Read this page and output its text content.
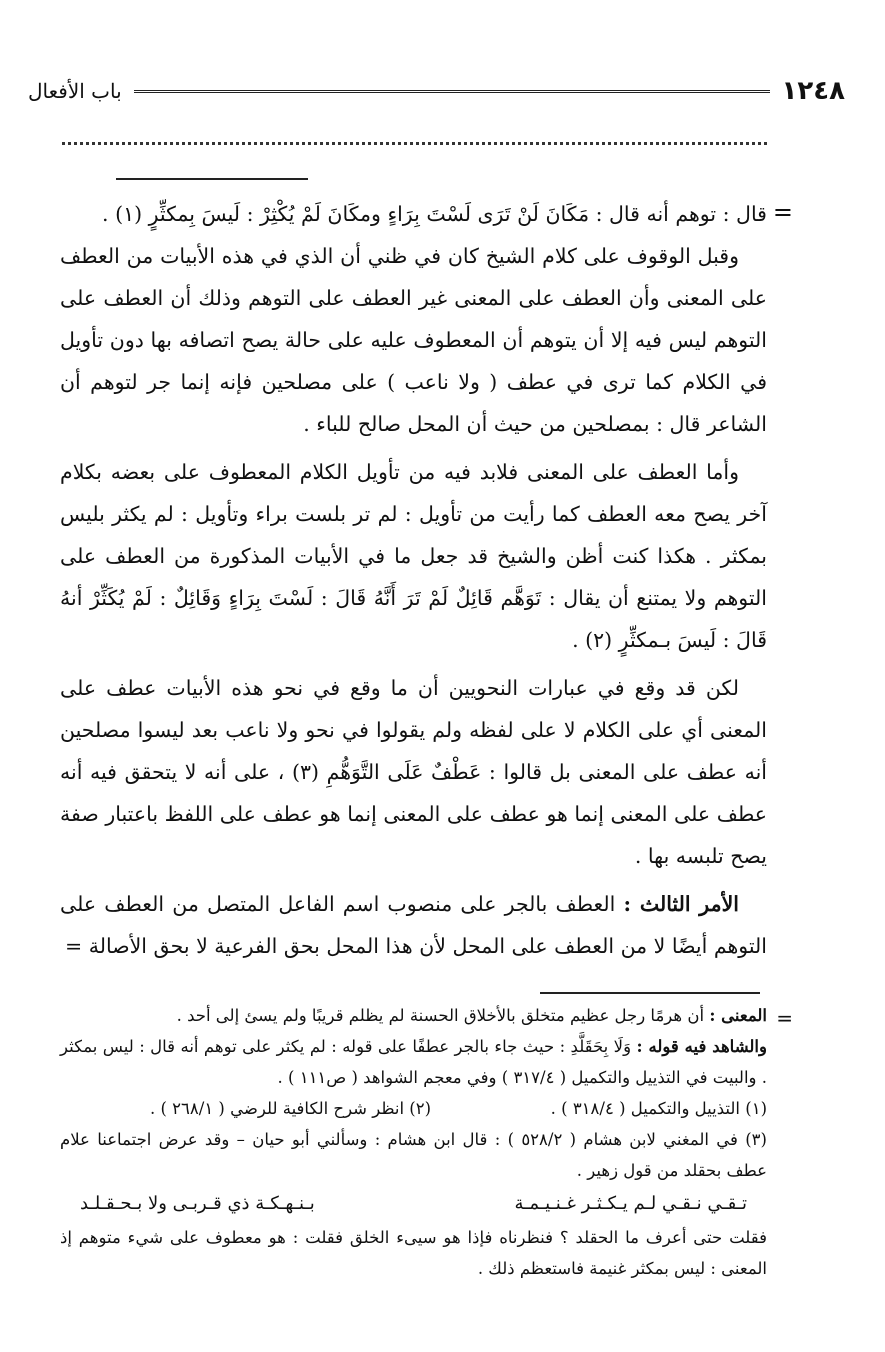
١٢٤٨
باب الأفعال
=

قال : توهم أنه قال : مَكَانَ لَنْ تَرَى لَسْتَ بِرَاءٍ ومكَانَ لَمْ يُكْثِرْ : لَيسَ بِمكثِّرٍ (١) .

وقبل الوقوف على كلام الشيخ كان في ظني أن الذي في هذه الأبيات من العطف على المعنى وأن العطف على المعنى غير العطف على التوهم وذلك أن العطف على التوهم ليس فيه إلا أن يتوهم أن المعطوف عليه على حالة يصح اتصافه بها دون تأويل في الكلام كما ترى في عطف ( ولا ناعب ) على مصلحين فإنه إنما جر لتوهم أن الشاعر قال : بمصلحين من حيث أن المحل صالح للباء .

وأما العطف على المعنى فلابد فيه من تأويل الكلام المعطوف على بعضه بكلام آخر يصح معه العطف كما رأيت من تأويل : لم تر بلست براء وتأويل : لم يكثر بليس بمكثر . هكذا كنت أظن والشيخ قد جعل ما في الأبيات المذكورة من العطف على التوهم ولا يمتنع أن يقال : تَوَهَّم قَائِلٌ لَمْ تَرَ أَنَّهُ قَالَ : لَسْتَ بِرَاءٍ وَقَائِلٌ : لَمْ يُكَثِّرْ أنهُ قَالَ : لَيسَ بـمكثِّرٍ (٢) .

لكن قد وقع في عبارات النحويين أن ما وقع في نحو هذه الأبيات عطف على المعنى أي على الكلام لا على لفظه ولم يقولوا في نحو ولا ناعب بعد ليسوا مصلحين أنه عطف على المعنى بل قالوا : عَطْفٌ عَلَى التَّوَهُّمِ (٣) ، على أنه لا يتحقق فيه أنه عطف على المعنى إنما هو عطف على المعنى إنما هو عطف على اللفظ باعتبار صفة يصح تلبسه بها .

الأمر الثالث : العطف بالجر على منصوب اسم الفاعل المتصل من العطف على التوهم أيضًا لا من العطف على المحل لأن هذا المحل بحق الفرعية لا بحق الأصالة =

=

المعنى : أن هرمًا رجل عظيم متخلق بالأخلاق الحسنة لم يظلم قريبًا ولم يسئ إلى أحد .

والشاهد فيه قوله : وَلَا بِحَقَلَّدِ : حيث جاء بالجر عطفًا على قوله : لم يكثر على توهم أنه قال : ليس بمكثر . والبيت في التذييل والتكميل ( ٣١٧/٤ ) وفي معجم الشواهد ( ص١١١ ) .

(١) التذييل والتكميل ( ٣١٨/٤ ) .
(٢) انظر شرح الكافية للرضي ( ٢٦٨/١ ) .

(٣) في المغني لابن هشام ( ٥٢٨/٢ ) : قال ابن هشام : وسألني أبو حيان – وقد عرض اجتماعنا علام عطف بحقلد من قول زهير .

تـقـي نـقـي لـم يـكـثـر غـنـيـمـة
بـنـهـكـة ذي قـربـى ولا بـحـقـلـد

فقلت حتى أعرف ما الحقلد ؟ فنظرناه فإذا هو سيىء الخلق فقلت : هو معطوف على شيء متوهم إذ المعنى : ليس بمكثر غنيمة فاستعظم ذلك .
